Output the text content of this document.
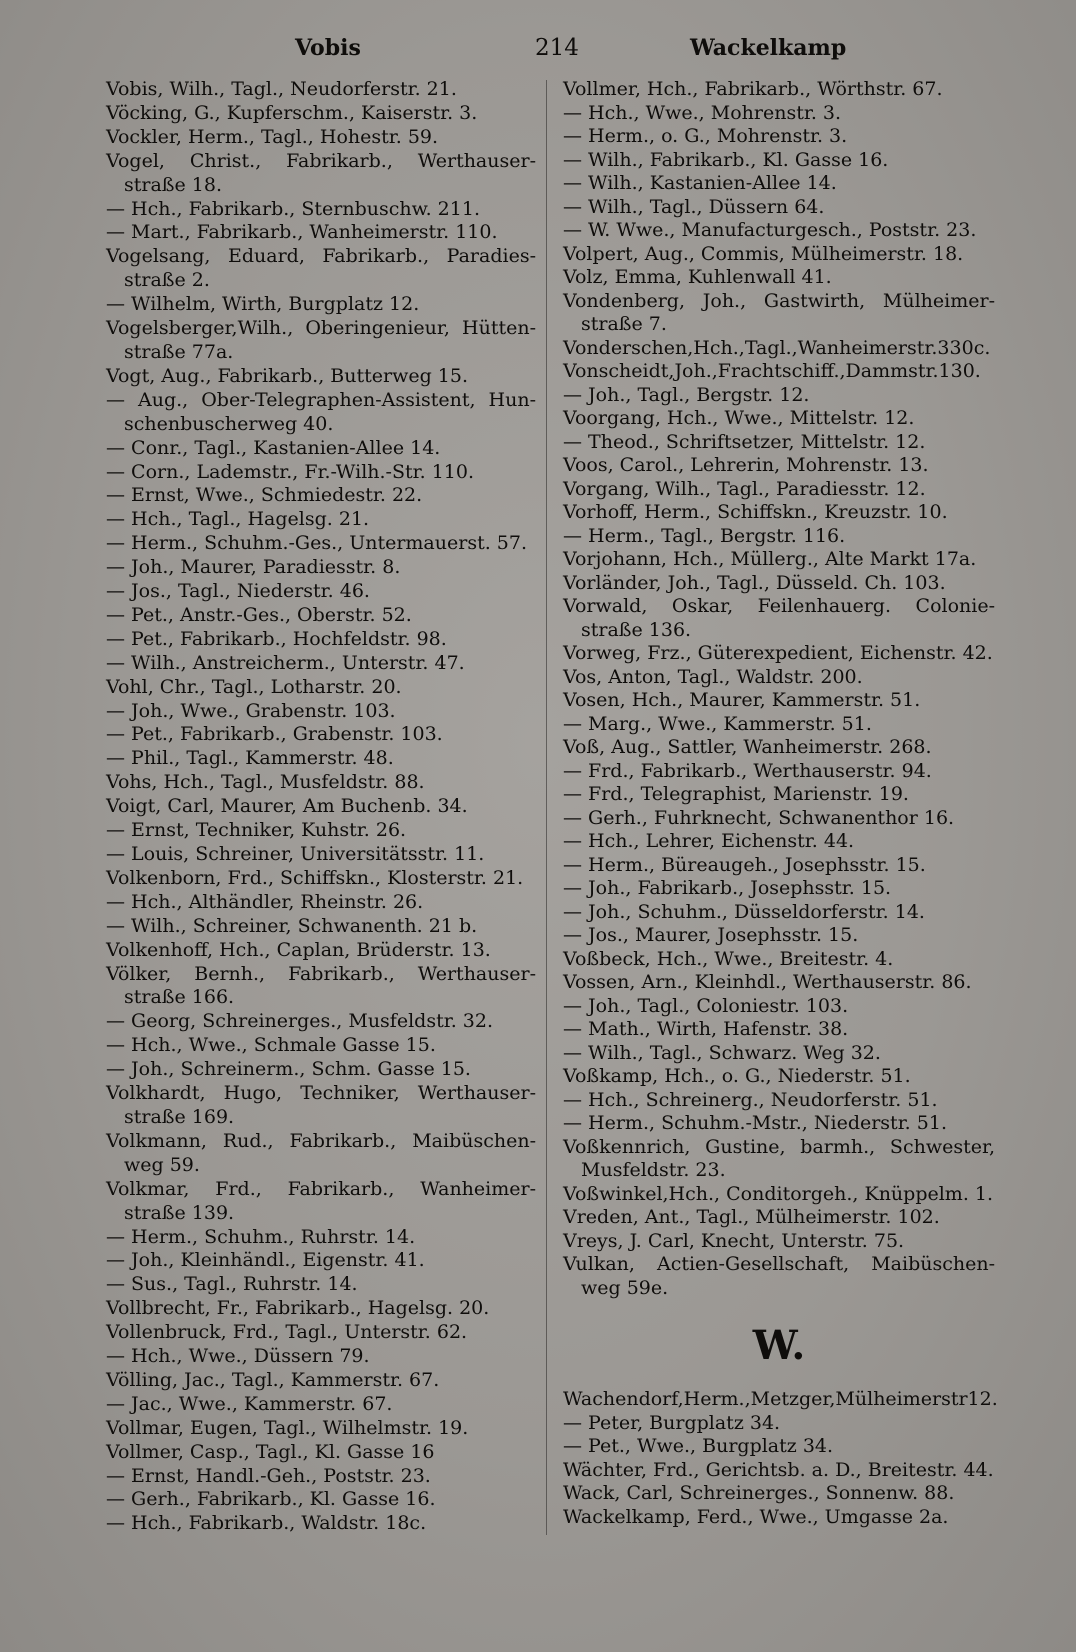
Vobis	214	Wackelkamp
Vobis, Wilh., Tagl., Neudorferstr. 21.
Vöcking, G., Kupferschm., Kaiserstr. 3.
Vockler, Herm., Tagl., Hohestr. 59.
Vogel, Christ., Fabrikarb., Werthauser-straße 18.
— Hch., Fabrikarb., Sternbuschw. 211.
— Mart., Fabrikarb., Wanheimerstr. 110.
Vogelsang, Eduard, Fabrikarb., Paradies-straße 2.
— Wilhelm, Wirth, Burgplatz 12.
Vogelsberger,Wilh., Oberingenieur, Hütten-straße 77a.
Vogt, Aug., Fabrikarb., Butterweg 15.
— Aug., Ober-Telegraphen-Assistent, Hun-schenbuscherweg 40.
— Conr., Tagl., Kastanien-Allee 14.
— Corn., Lademstr., Fr.-Wilh.-Str. 110.
— Ernst, Wwe., Schmiedestr. 22.
— Hch., Tagl., Hagelsg. 21.
— Herm., Schuhm.-Ges., Untermauerst. 57.
— Joh., Maurer, Paradiesstr. 8.
— Jos., Tagl., Niederstr. 46.
— Pet., Anstr.-Ges., Oberstr. 52.
— Pet., Fabrikarb., Hochfeldstr. 98.
— Wilh., Anstreicherm., Unterstr. 47.
Vohl, Chr., Tagl., Lotharstr. 20.
— Joh., Wwe., Grabenstr. 103.
— Pet., Fabrikarb., Grabenstr. 103.
— Phil., Tagl., Kammerstr. 48.
Vohs, Hch., Tagl., Musfeldstr. 88.
Voigt, Carl, Maurer, Am Buchenb. 34.
— Ernst, Techniker, Kuhstr. 26.
— Louis, Schreiner, Universitätsstr. 11.
Volkenborn, Frd., Schiffskn., Klosterstr. 21.
— Hch., Althändler, Rheinstr. 26.
— Wilh., Schreiner, Schwanenth. 21 b.
Volkenhoff, Hch., Caplan, Brüderstr. 13.
Völker, Bernh., Fabrikarb., Werthauser-straße 166.
— Georg, Schreinerges., Musfeldstr. 32.
— Hch., Wwe., Schmale Gasse 15.
— Joh., Schreinerm., Schm. Gasse 15.
Volkhardt, Hugo, Techniker, Werthauser-straße 169.
Volkmann, Rud., Fabrikarb., Maibüschen-weg 59.
Volkmar, Frd., Fabrikarb., Wanheimer-straße 139.
— Herm., Schuhm., Ruhrstr. 14.
— Joh., Kleinhändl., Eigenstr. 41.
— Sus., Tagl., Ruhrstr. 14.
Vollbrecht, Fr., Fabrikarb., Hagelsg. 20.
Vollenbruck, Frd., Tagl., Unterstr. 62.
— Hch., Wwe., Düssern 79.
Völling, Jac., Tagl., Kammerstr. 67.
— Jac., Wwe., Kammerstr. 67.
Vollmar, Eugen, Tagl., Wilhelmstr. 19.
Vollmer, Casp., Tagl., Kl. Gasse 16
— Ernst, Handl.-Geh., Poststr. 23.
— Gerh., Fabrikarb., Kl. Gasse 16.
— Hch., Fabrikarb., Waldstr. 18c.
Vollmer, Hch., Fabrikarb., Wörthstr. 67.
— Hch., Wwe., Mohrenstr. 3.
— Herm., o. G., Mohrenstr. 3.
— Wilh., Fabrikarb., Kl. Gasse 16.
— Wilh., Kastanien-Allee 14.
— Wilh., Tagl., Düssern 64.
— W. Wwe., Manufacturgesch., Poststr. 23.
Volpert, Aug., Commis, Mülheimerstr. 18.
Volz, Emma, Kuhlenwall 41.
Vondenberg, Joh., Gastwirth, Mülheimer-straße 7.
Vonderschen,Hch.,Tagl.,Wanheimerstr.330c.
Vonscheidt,Joh.,Frachtschiff.,Dammstr.130.
— Joh., Tagl., Bergstr. 12.
Voorgang, Hch., Wwe., Mittelstr. 12.
— Theod., Schriftsetzer, Mittelstr. 12.
Voos, Carol., Lehrerin, Mohrenstr. 13.
Vorgang, Wilh., Tagl., Paradiesstr. 12.
Vorhoff, Herm., Schiffskn., Kreuzstr. 10.
— Herm., Tagl., Bergstr. 116.
Vorjohann, Hch., Müllerg., Alte Markt 17a.
Vorländer, Joh., Tagl., Düsseld. Ch. 103.
Vorwald, Oskar, Feilenhauerg. Colonie-straße 136.
Vorweg, Frz., Güterexpedient, Eichenstr. 42.
Vos, Anton, Tagl., Waldstr. 200.
Vosen, Hch., Maurer, Kammerstr. 51.
— Marg., Wwe., Kammerstr. 51.
Voß, Aug., Sattler, Wanheimerstr. 268.
— Frd., Fabrikarb., Werthauserstr. 94.
— Frd., Telegraphist, Marienstr. 19.
— Gerh., Fuhrknecht, Schwanenthor 16.
— Hch., Lehrer, Eichenstr. 44.
— Herm., Büreaugeh., Josephsstr. 15.
— Joh., Fabrikarb., Josephsstr. 15.
— Joh., Schuhm., Düsseldorferstr. 14.
— Jos., Maurer, Josephsstr. 15.
Voßbeck, Hch., Wwe., Breitestr. 4.
Vossen, Arn., Kleinhdl., Werthauserstr. 86.
— Joh., Tagl., Coloniestr. 103.
— Math., Wirth, Hafenstr. 38.
— Wilh., Tagl., Schwarz. Weg 32.
Voßkamp, Hch., o. G., Niederstr. 51.
— Hch., Schreinerg., Neudorferstr. 51.
— Herm., Schuhm.-Mstr., Niederstr. 51.
Voßkennrich, Gustine, barmh., Schwester, Musfeldstr. 23.
Voßwinkel,Hch., Conditorgeh., Knüppelm. 1.
Vreden, Ant., Tagl., Mülheimerstr. 102.
Vreys, J. Carl, Knecht, Unterstr. 75.
Vulkan, Actien-Gesellschaft, Maibüschen-weg 59e.
W.
Wachendorf,Herm.,Metzger,Mülheimerstr12.
— Peter, Burgplatz 34.
— Pet., Wwe., Burgplatz 34.
Wächter, Frd., Gerichtsb. a. D., Breitestr. 44.
Wack, Carl, Schreinerges., Sonnenw. 88.
Wackelkamp, Ferd., Wwe., Umgasse 2a.
